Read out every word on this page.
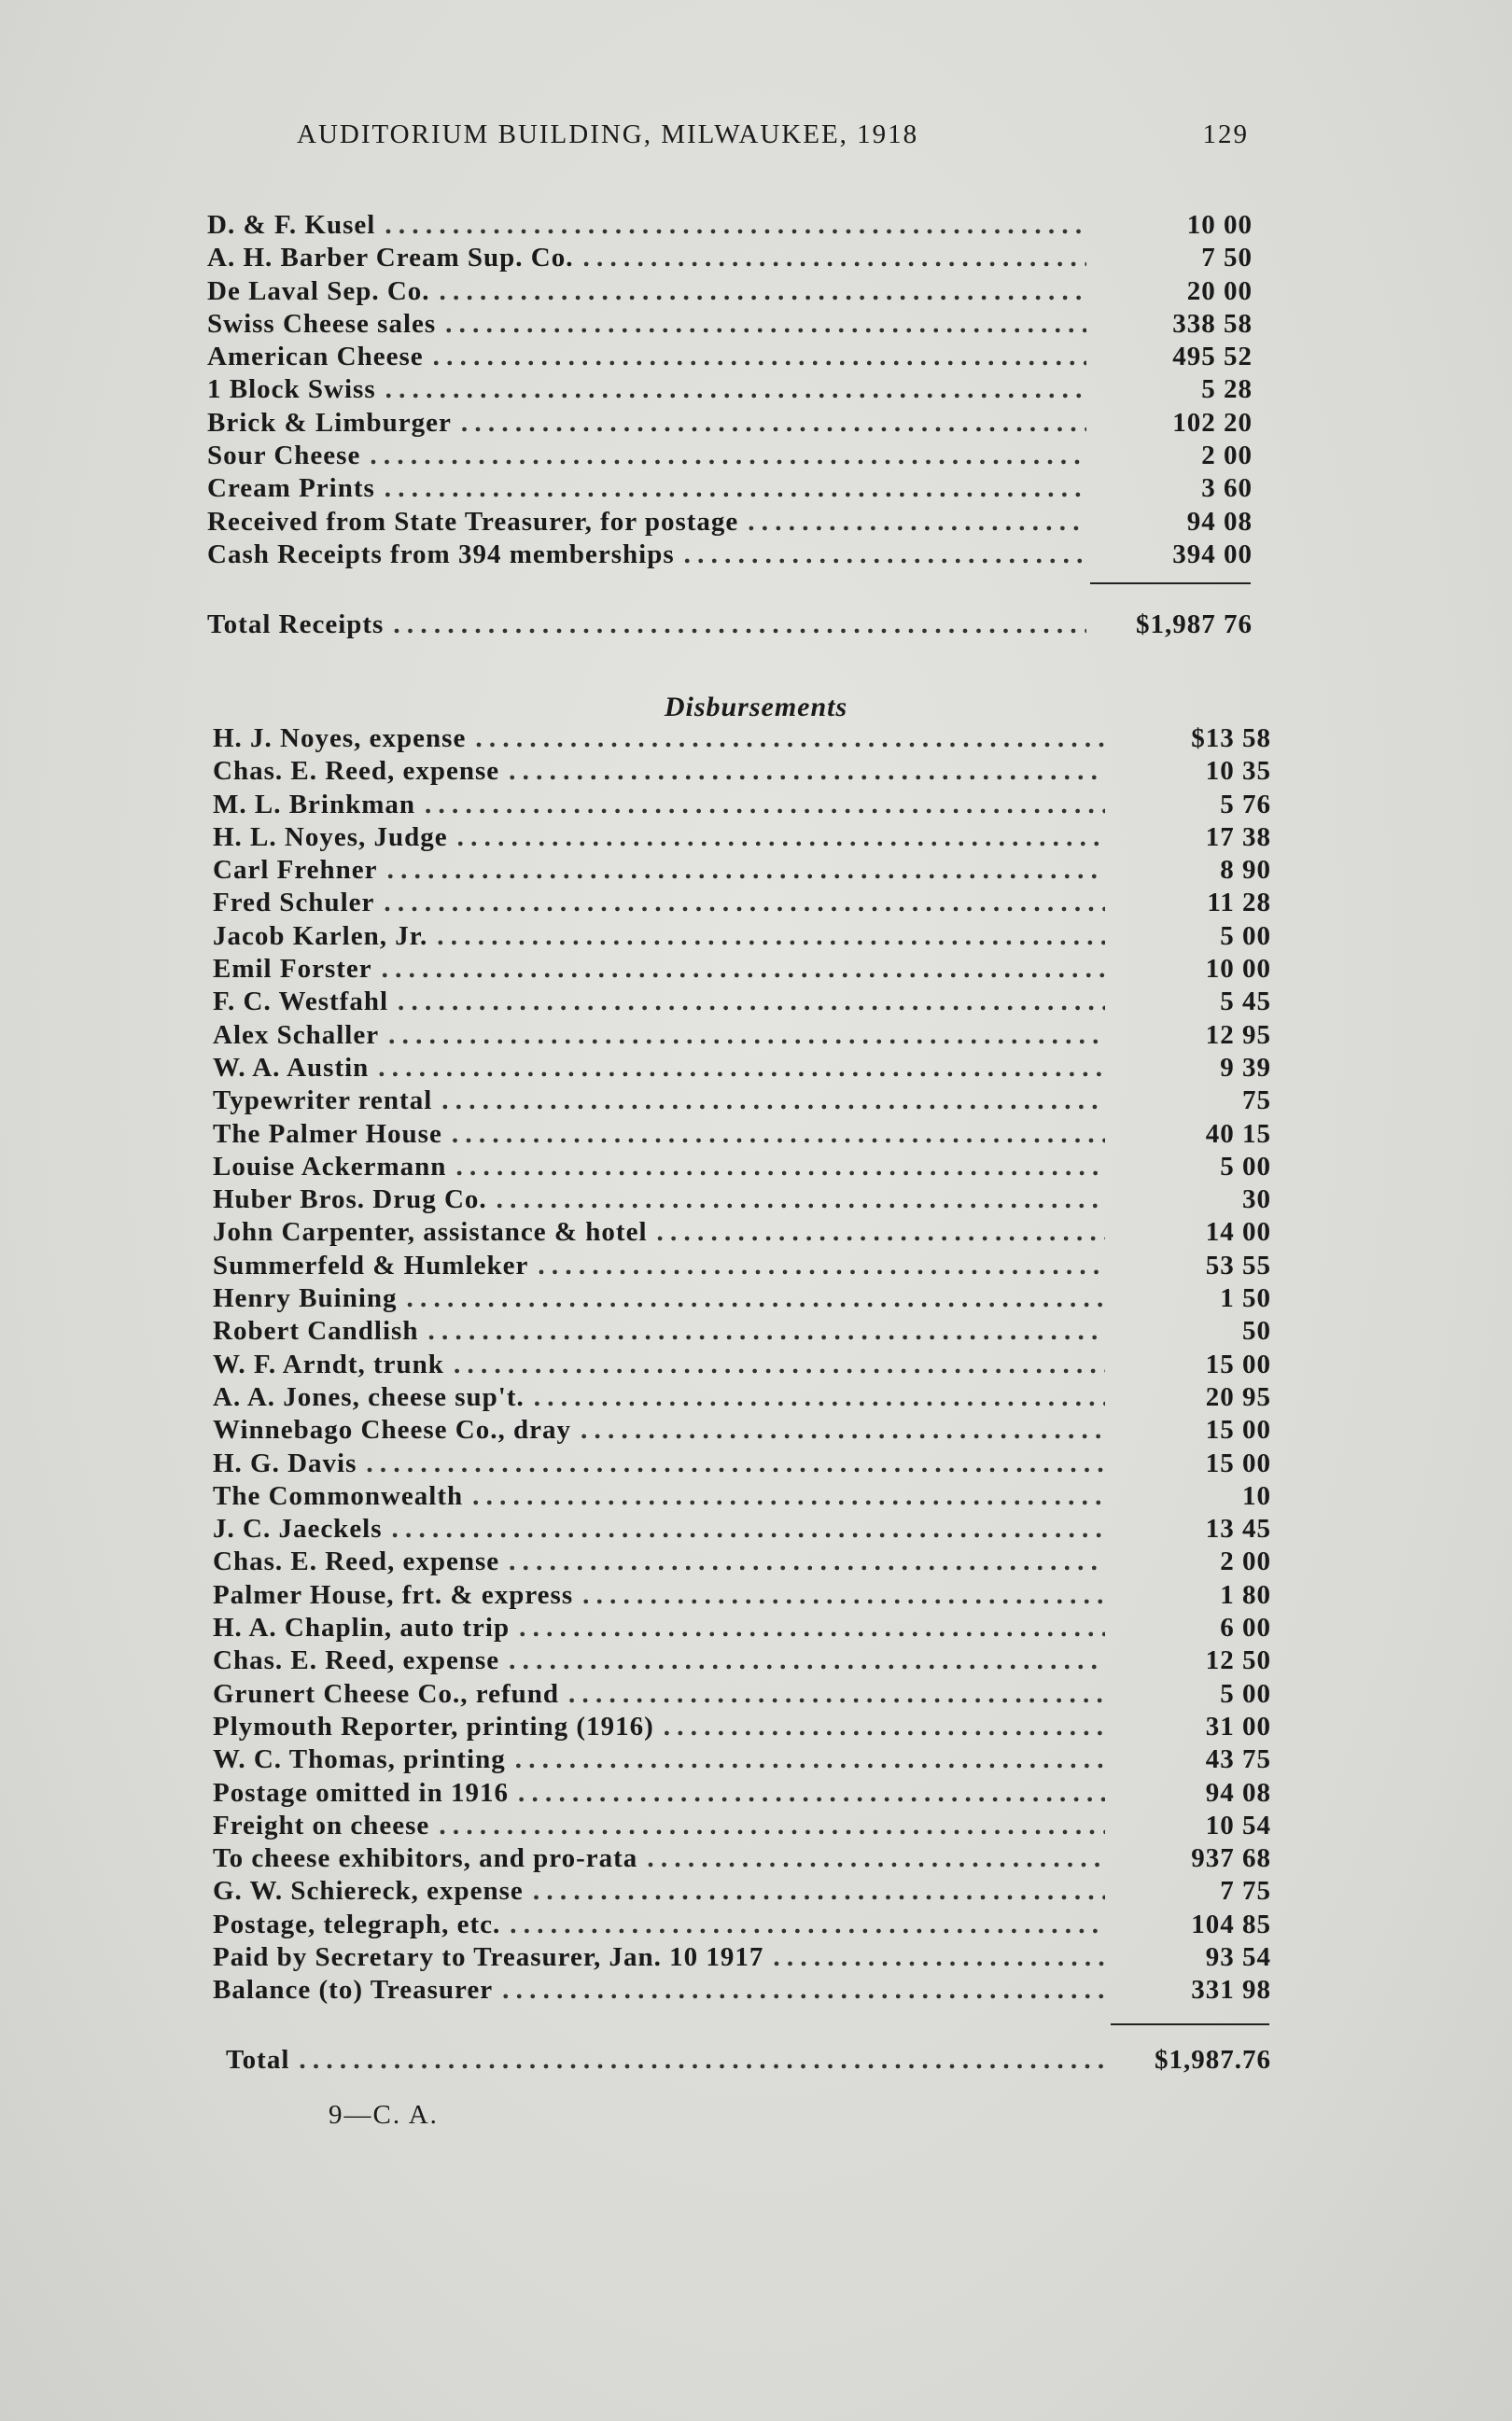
AUDITORIUM BUILDING, MILWAUKEE, 1918	129
D. & F. Kusel . . .	10 00
A. H. Barber Cream Sup. Co. . . .	7 50
De Laval Sep. Co. . . .	20 00
Swiss Cheese sales . . .	338 58
American Cheese . . .	495 52
1 Block Swiss . . .	5 28
Brick & Limburger . . .	102 20
Sour Cheese . . .	2 00
Cream Prints . . .	3 60
Received from State Treasurer, for postage . . .	94 08
Cash Receipts from 394 memberships . . .	394 00
Total Receipts . . .	$1,987 76
Disbursements
H. J. Noyes, expense . . .	$13 58
Chas. E. Reed, expense . . .	10 35
M. L. Brinkman . . .	5 76
H. L. Noyes, Judge . . .	17 38
Carl Frehner . . .	8 90
Fred Schuler . . .	11 28
Jacob Karlen, Jr. . . .	5 00
Emil Forster . . .	10 00
F. C. Westfahl . . .	5 45
Alex Schaller . . .	12 95
W. A. Austin . . .	9 39
Typewriter rental . . .	75
The Palmer House . . .	40 15
Louise Ackermann . . .	5 00
Huber Bros. Drug Co. . . .	30
John Carpenter, assistance & hotel . . .	14 00
Summerfeld & Humleker . . .	53 55
Henry Buining . . .	1 50
Robert Candlish . . .	50
W. F. Arndt, trunk . . .	15 00
A. A. Jones, cheese sup't. . . .	20 95
Winnebago Cheese Co., dray . . .	15 00
H. G. Davis . . .	15 00
The Commonwealth . . .	10
J. C. Jaeckels . . .	13 45
Chas. E. Reed, expense . . .	2 00
Palmer House, frt. & express . . .	1 80
H. A. Chaplin, auto trip . . .	6 00
Chas. E. Reed, expense . . .	12 50
Grunert Cheese Co., refund . . .	5 00
Plymouth Reporter, printing (1916) . . .	31 00
W. C. Thomas, printing . . .	43 75
Postage omitted in 1916 . . .	94 08
Freight on cheese . . .	10 54
To cheese exhibitors, and pro-rata . . .	937 68
G. W. Schiereck, expense . . .	7 75
Postage, telegraph, etc. . . .	104 85
Paid by Secretary to Treasurer, Jan. 10 1917 . . .	93 54
Balance (to) Treasurer . . .	331 98
Total . . .	$1,987.76
9—C. A.
